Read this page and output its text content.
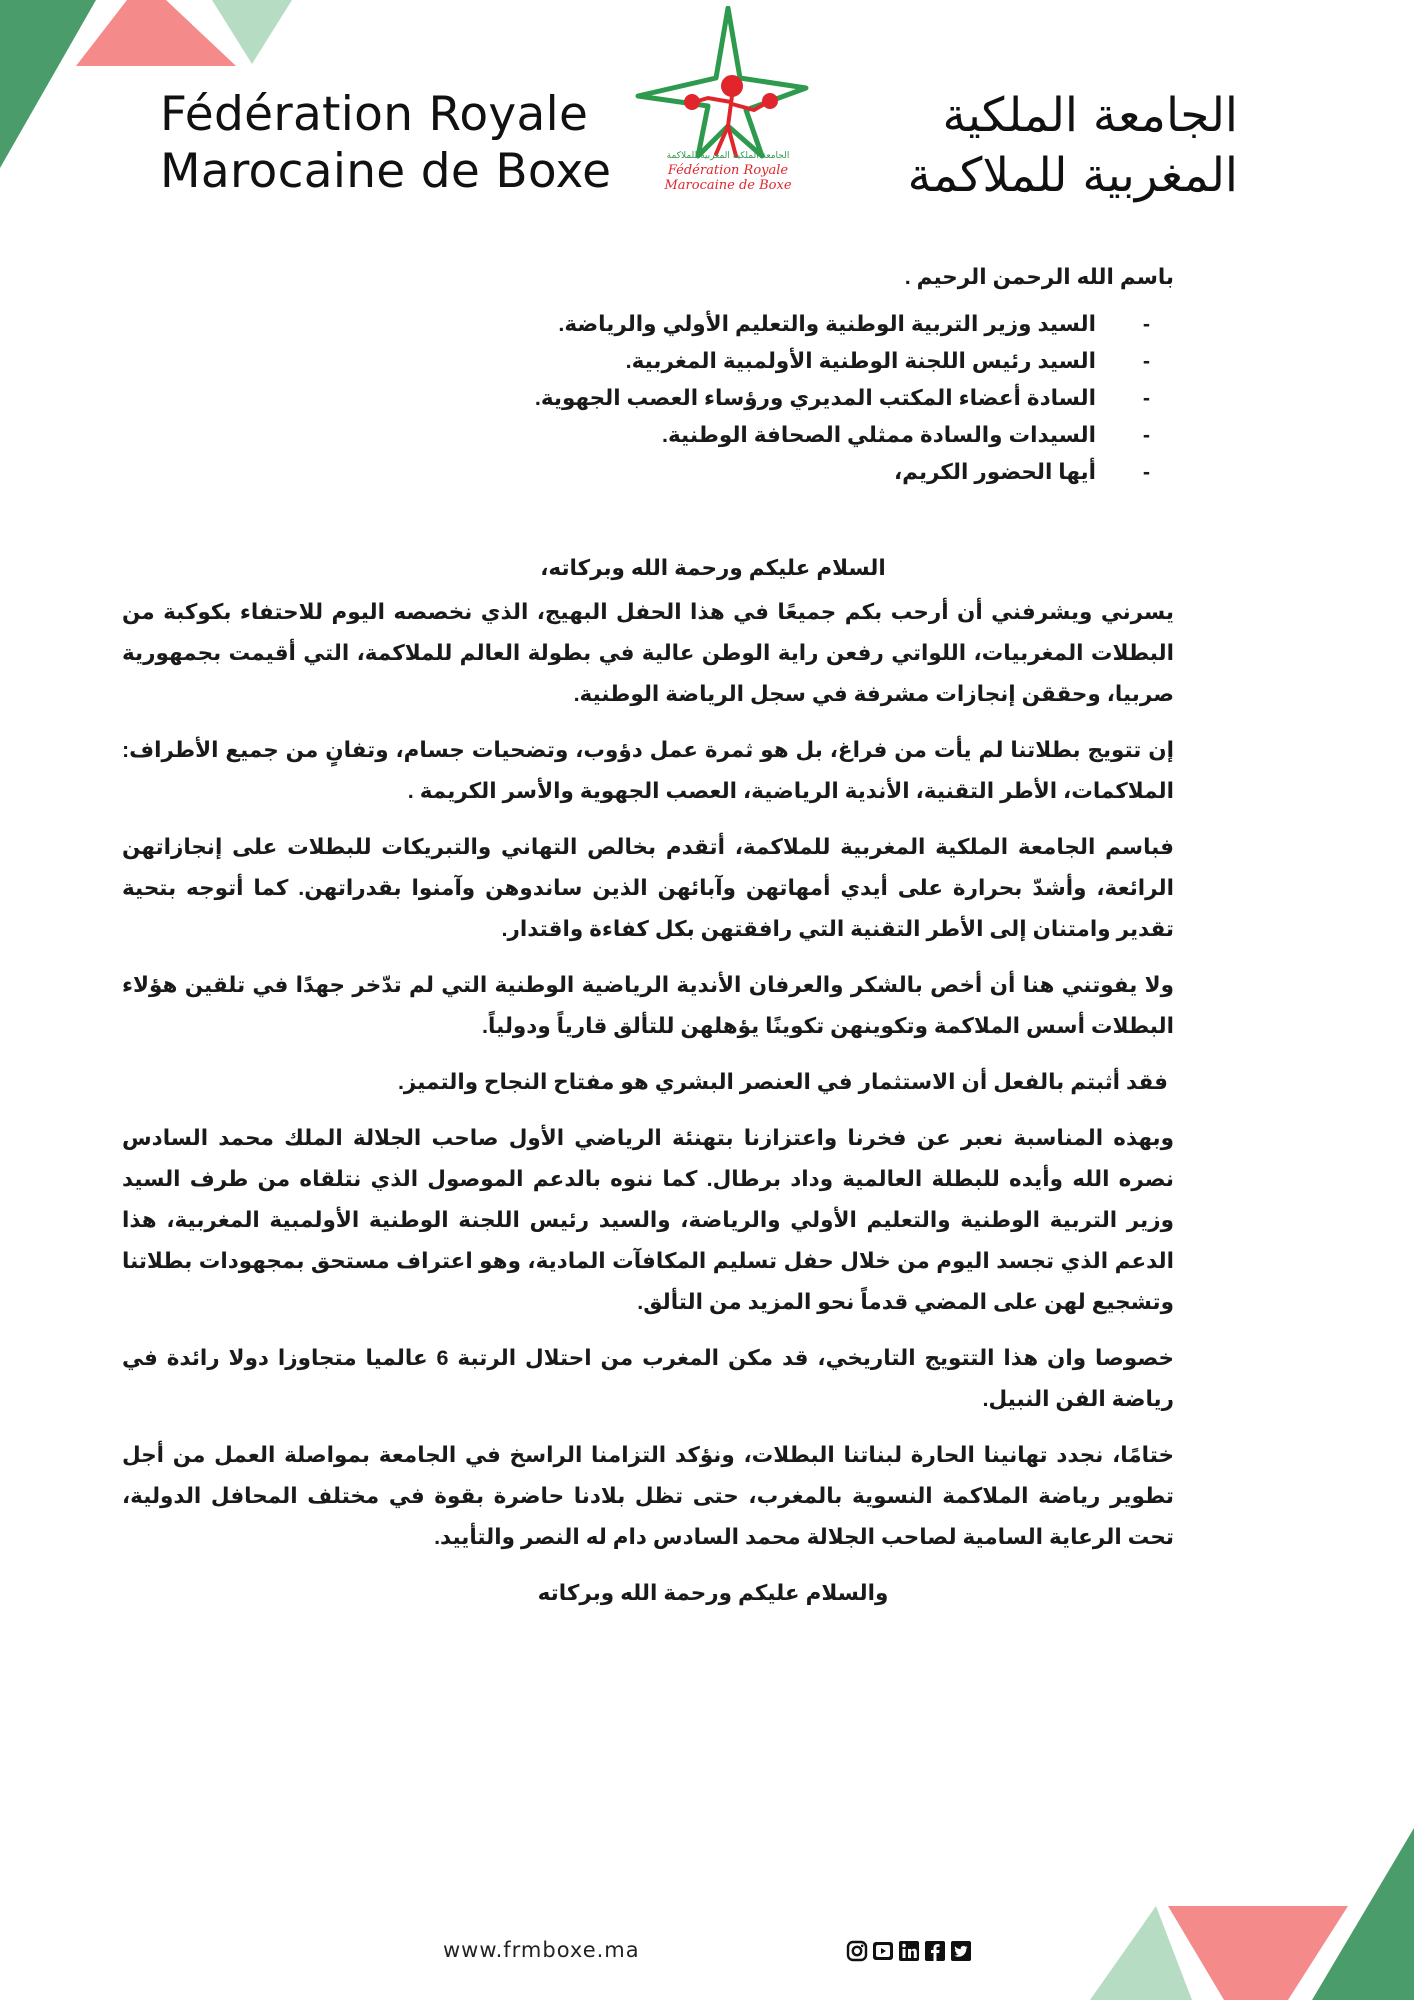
Fédération Royale
Marocaine de Boxe	الجامعة الملكية المغربية للملاكمة
Fédération Royale
Marocaine de Boxe
الجامعة الملكية
المغربية للملاكمة

باسم الله الرحمن الرحيم .

- السيد وزير التربية الوطنية والتعليم الأولي والرياضة.
- السيد رئيس اللجنة الوطنية الأولمبية المغربية.
- السادة أعضاء المكتب المديري ورؤساء العصب الجهوية.
- السيدات والسادة ممثلي الصحافة الوطنية.
- أيها الحضور الكريم،

السلام عليكم ورحمة الله وبركاته،

يسرني ويشرفني أن أرحب بكم جميعًا في هذا الحفل البهيج، الذي نخصصه اليوم للاحتفاء بكوكبة من البطلات المغربيات، اللواتي رفعن راية الوطن عالية في بطولة العالم للملاكمة، التي أقيمت بجمهورية صربيا، وحققن إنجازات مشرفة في سجل الرياضة الوطنية.

إن تتويج بطلاتنا لم يأت من فراغ، بل هو ثمرة عمل دؤوب، وتضحيات جسام، وتفانٍ من جميع الأطراف: الملاكمات، الأطر التقنية، الأندية الرياضية، العصب الجهوية والأسر الكريمة .

فباسم الجامعة الملكية المغربية للملاكمة، أتقدم بخالص التهاني والتبريكات للبطلات على إنجازاتهن الرائعة، وأشدّ بحرارة على أيدي أمهاتهن وآبائهن الذين ساندوهن وآمنوا بقدراتهن. كما أتوجه بتحية تقدير وامتنان إلى الأطر التقنية التي رافقتهن بكل كفاءة واقتدار.

ولا يفوتني هنا أن أخص بالشكر والعرفان الأندية الرياضية الوطنية التي لم تدّخر جهدًا في تلقين هؤلاء البطلات أسس الملاكمة وتكوينهن تكوينًا يؤهلهن للتألق قارياً ودولياً.

فقد أثبتم بالفعل أن الاستثمار في العنصر البشري هو مفتاح النجاح والتميز.

وبهذه المناسبة نعبر عن فخرنا واعتزازنا بتهنئة الرياضي الأول صاحب الجلالة الملك محمد السادس نصره الله وأيده للبطلة العالمية وداد برطال. كما ننوه بالدعم الموصول الذي نتلقاه من طرف السيد وزير التربية الوطنية والتعليم الأولي والرياضة، والسيد رئيس اللجنة الوطنية الأولمبية المغربية، هذا الدعم الذي تجسد اليوم من خلال حفل تسليم المكافآت المادية، وهو اعتراف مستحق بمجهودات بطلاتنا وتشجيع لهن على المضي قدماً نحو المزيد من التألق.

خصوصا وان هذا التتويج التاريخي، قد مكن المغرب من احتلال الرتبة 6 عالميا متجاوزا دولا رائدة في رياضة الفن النبيل.

ختامًا، نجدد تهانينا الحارة لبناتنا البطلات، ونؤكد التزامنا الراسخ في الجامعة بمواصلة العمل من أجل تطوير رياضة الملاكمة النسوية بالمغرب، حتى تظل بلادنا حاضرة بقوة في مختلف المحافل الدولية، تحت الرعاية السامية لصاحب الجلالة محمد السادس دام له النصر والتأييد.

والسلام عليكم ورحمة الله وبركاته

www.frmboxe.ma
